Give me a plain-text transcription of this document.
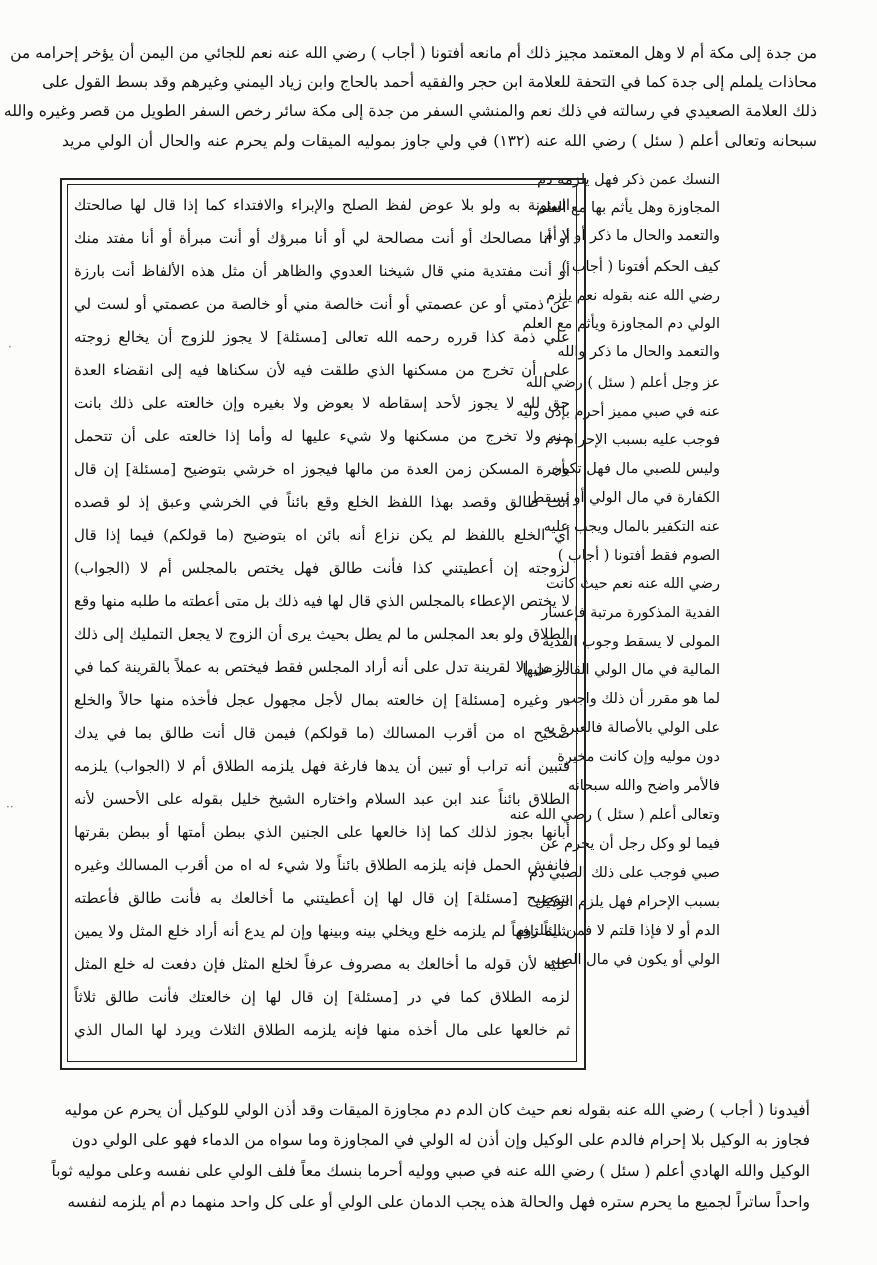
من جدة إلى مكة أم لا وهل المعتمد مجيز ذلك أم مانعه أفتونا ( أجاب ) رضي الله عنه نعم للجائي من اليمن أن يؤخر إحرامه من
محاذات يلملم إلى جدة كما في التحفة للعلامة ابن حجر والفقيه أحمد بالحاج وابن زياد اليمني وغيرهم وقد بسط القول على
ذلك العلامة الصعيدي في رسالته في ذلك نعم والمنشي السفر من جدة إلى مكة سائر رخص السفر الطويل من قصر وغيره والله
سبحانه وتعالى أعلم ( سئل ) رضي الله عنه (١٣٢) في ولي جاوز بموليه الميقات ولم يحرم عنه والحال أن الولي مريد
النسك عمن ذكر فهل يلزمه دم
المجاوزة وهل يأثم بها مع العلم
والتعمد والحال ما ذكر أو لا أم
كيف الحكم أفتونا ( أجاب )
رضي الله عنه بقوله نعم يلزم
الولي دم المجاوزة ويأثم مع العلم
والتعمد والحال ما ذكر والله
عز وجل أعلم ( سئل ) رضي الله
عنه في صبي مميز أحرم بإذن وليه
فوجب عليه بسبب الإحرام دم
وليس للصبي مال فهل تكون
الكفارة في مال الولي أو يسقط
عنه التكفير بالمال ويجب عليه
الصوم فقط أفتونا ( أجاب )
رضي الله عنه نعم حيث كانت
الفدية المذكورة مرتبة فإعسار
المولى لا يسقط وجوب الفدية
المالية في مال الولي القادر عليها
لما هو مقرر أن ذلك واجب
على الولي بالأصالة فالعبرة به
دون موليه وإن كانت مخيرة
فالأمر واضح والله سبحانه
وتعالى أعلم ( سئل ) رضي الله عنه
فيما لو وكل رجل أن يحرم عن
صبي فوجب على ذلك الصبي دم
بسبب الإحرام فهل يلزم الوكيل
الدم أو لا فإذا قلتم لا فمن الملزوم
الولي أو يكون في مال الصبي
البينونة به ولو بلا عوض لفظ الصلح والإبراء والافتداء كما إذا قال لها صالحتك
أو أنا مصالحك أو أنت مصالحة لي أو أنا مبرؤك أو أنت مبرأة أو أنا مفتد منك
أو أنت مفتدية مني قال شيخنا العدوي والظاهر أن مثل هذه الألفاظ أنت بارزة
عن ذمتي أو عن عصمتي أو أنت خالصة مني أو خالصة من عصمتي أو لست لي
علي ذمة كذا قرره رحمه الله تعالى [مسئلة] لا يجوز للزوج أن يخالع زوجته
على أن تخرج من مسكنها الذي طلقت فيه لأن سكناها فيه إلى انقضاء العدة
حق لله لا يجوز لأحد إسقاطه لا بعوض ولا بغيره وإن خالعته على ذلك بانت
منه ولا تخرج من مسكنها ولا شيء عليها له وأما إذا خالعته على أن تتحمل
بأجرة المسكن زمن العدة من مالها فيجوز اه خرشي بتوضيح [مسئلة] إن قال
أنت طالق وقصد بهذا اللفظ الخلع وقع بائناً في الخرشي وعبق إذ لو قصده
أي الخلع باللفظ لم يكن نزاع أنه بائن اه بتوضيح (ما قولكم) فيما إذا قال
لزوجته إن أعطيتني كذا فأنت طالق فهل يختص بالمجلس أم لا (الجواب)
لا يختص الإعطاء بالمجلس الذي قال لها فيه ذلك بل متى أعطته ما طلبه منها وقع
الطلاق ولو بعد المجلس ما لم يطل بحيث يرى أن الزوج لا يجعل التمليك إلى ذلك
الزمن إلا لقرينة تدل على أنه أراد المجلس فقط فيختص به عملاً بالقرينة كما في
در وغيره [مسئلة] إن خالعته بمال لأجل مجهول عجل فأخذه منها حالاً والخلع
صحيح اه من أقرب المسالك (ما قولكم) فيمن قال أنت طالق بما في يدك
فتبين أنه تراب أو تبين أن يدها فارغة فهل يلزمه الطلاق أم لا (الجواب) يلزمه
الطلاق بائناً عند ابن عبد السلام واختاره الشيخ خليل بقوله على الأحسن لأنه
أبانها بجوز لذلك كما إذا خالعها على الجنين الذي ببطن أمتها أو ببطن بقرتها
فانفش الحمل فإنه يلزمه الطلاق بائناً ولا شيء له اه من أقرب المسالك وغيره
بتوضيح [مسئلة] إن قال لها إن أعطيتني ما أخالعك به فأنت طالق فأعطته
شيئاً تافهاً لم يلزمه خلع ويخلي بينه وبينها وإن لم يدع أنه أراد خلع المثل ولا يمين
عليه لأن قوله ما أخالعك به مصروف عرفاً لخلع المثل فإن دفعت له خلع المثل
لزمه الطلاق كما في در [مسئلة] إن قال لها إن خالعتك فأنت طالق ثلاثاً
ثم خالعها على مال أخذه منها فإنه يلزمه الطلاق الثلاث ويرد لها المال الذي
أفيدونا ( أجاب ) رضي الله عنه بقوله نعم حيث كان الدم دم مجاوزة الميقات وقد أذن الولي للوكيل أن يحرم عن موليه
فجاوز به الوكيل بلا إحرام فالدم على الوكيل وإن أذن له الولي في المجاوزة وما سواه من الدماء فهو على الولي دون
الوكيل والله الهادي أعلم ( سئل ) رضي الله عنه في صبي ووليه أحرما بنسك معاً فلف الولي على نفسه وعلى موليه ثوباً
واحداً ساتراً لجميع ما يحرم ستره فهل والحالة هذه يجب الدمان على الولي أو على كل واحد منهما دم أم يلزمه لنفسه
·
··
